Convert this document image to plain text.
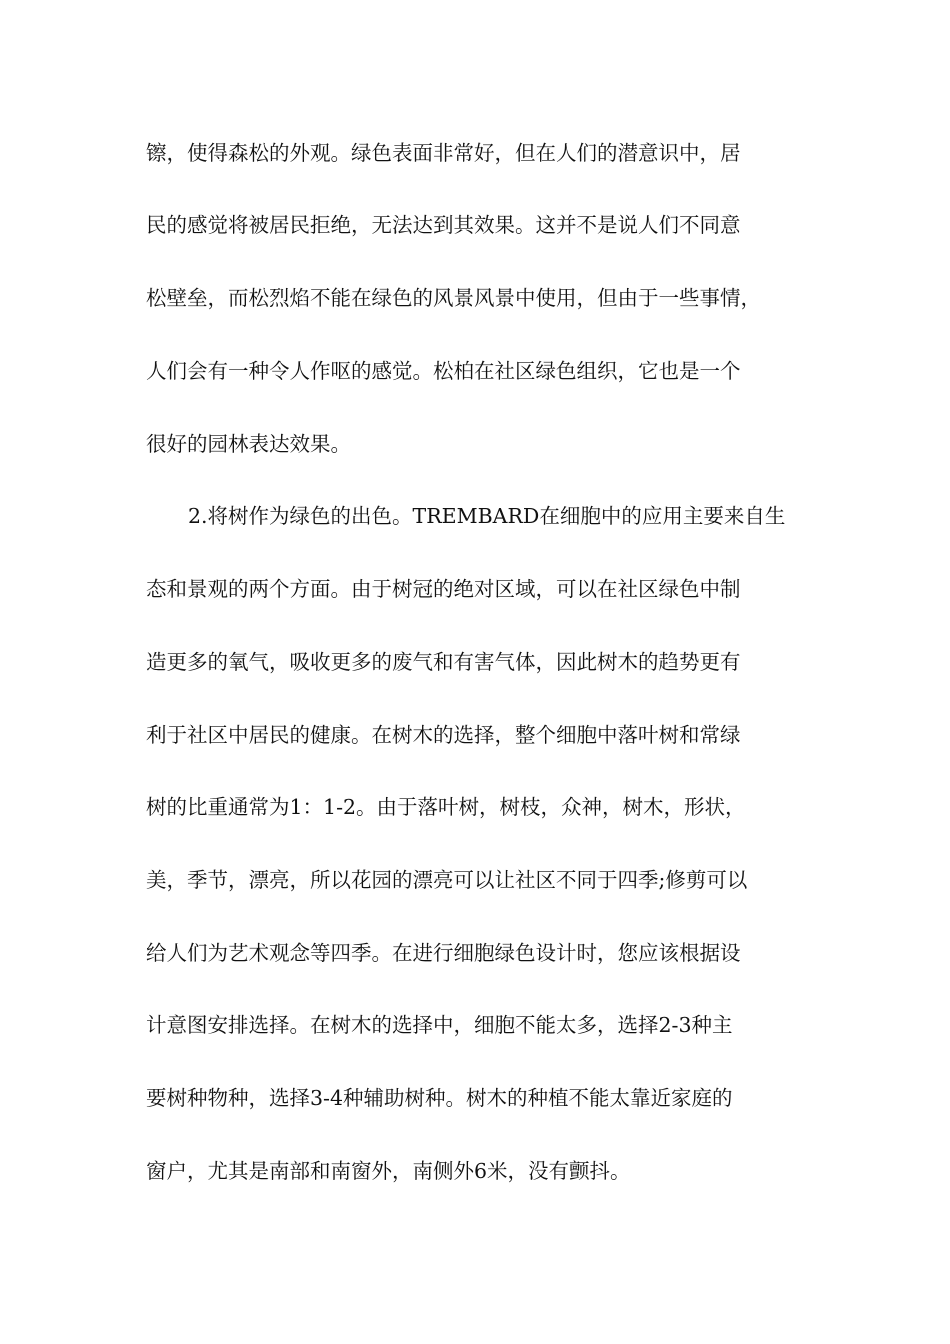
镲，使得森松的外观。绿色表面非常好，但在人们的潜意识中，居
民的感觉将被居民拒绝，无法达到其效果。这并不是说人们不同意
松壁垒，而松烈焰不能在绿色的风景风景中使用，但由于一些事情，
人们会有一种令人作呕的感觉。松柏在社区绿色组织，它也是一个
很好的园林表达效果。
2.将树作为绿色的出色。TREMBARD在细胞中的应用主要来自生
态和景观的两个方面。由于树冠的绝对区域，可以在社区绿色中制
造更多的氧气，吸收更多的废气和有害气体，因此树木的趋势更有
利于社区中居民的健康。在树木的选择，整个细胞中落叶树和常绿
树的比重通常为1：1-2。由于落叶树，树枝，众神，树木，形状，
美，季节，漂亮，所以花园的漂亮可以让社区不同于四季;修剪可以
给人们为艺术观念等四季。在进行细胞绿色设计时，您应该根据设
计意图安排选择。在树木的选择中，细胞不能太多，选择2-3种主
要树种物种，选择3-4种辅助树种。树木的种植不能太靠近家庭的
窗户，尤其是南部和南窗外，南侧外6米，没有颤抖。
